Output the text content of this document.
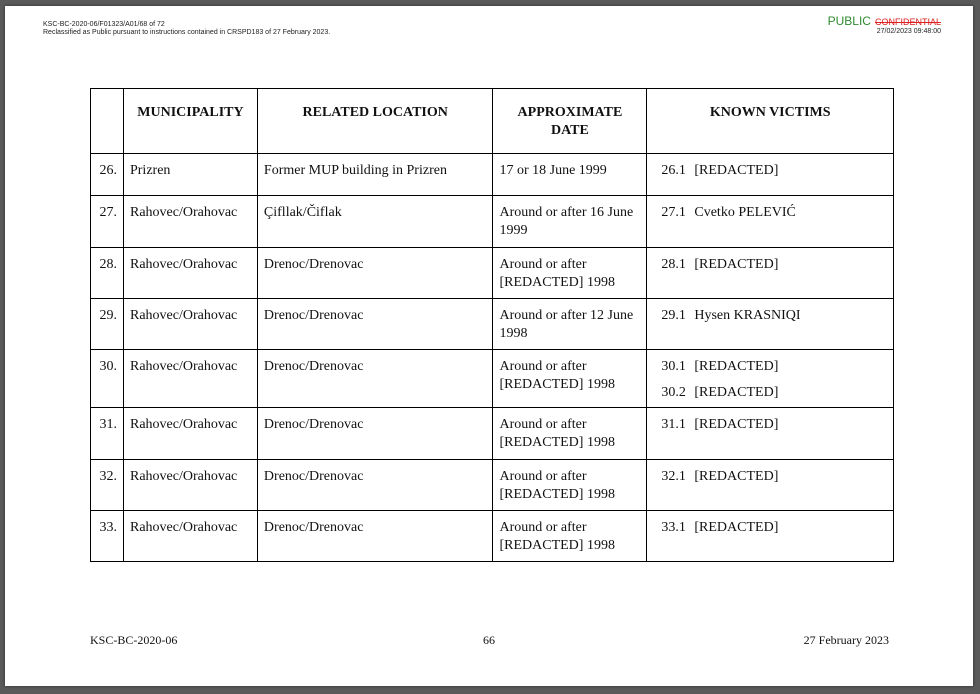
KSC-BC-2020-06/F01323/A01/68 of 72
Reclassified as Public pursuant to instructions contained in CRSPD183 of 27 February 2023.
PUBLIC CONFIDENTIAL
27/02/2023 09:48:00
	MUNICIPALITY	RELATED LOCATION	APPROXIMATE DATE	KNOWN VICTIMS
26.	Prizren	Former MUP building in Prizren	17 or 18 June 1999	26.1 [REDACTED]

27.	Rahovec/Orahovac	Çifllak/Čiflak	Around or after 16 June 1999	27.1 Cvetko PELEVIĆ

28.	Rahovec/Orahovac	Drenoc/Drenovac	Around or after [REDACTED] 1998	28.1 [REDACTED]

29.	Rahovec/Orahovac	Drenoc/Drenovac	Around or after 12 June 1998	29.1 Hysen KRASNIQI

30.	Rahovec/Orahovac	Drenoc/Drenovac	Around or after [REDACTED] 1998	30.1 [REDACTED]
30.2 [REDACTED]

31.	Rahovec/Orahovac	Drenoc/Drenovac	Around or after [REDACTED] 1998	31.1 [REDACTED]

32.	Rahovec/Orahovac	Drenoc/Drenovac	Around or after [REDACTED] 1998	32.1 [REDACTED]

33.	Rahovec/Orahovac	Drenoc/Drenovac	Around or after [REDACTED] 1998	33.1 [REDACTED]
KSC-BC-2020-06	66	27 February 2023
